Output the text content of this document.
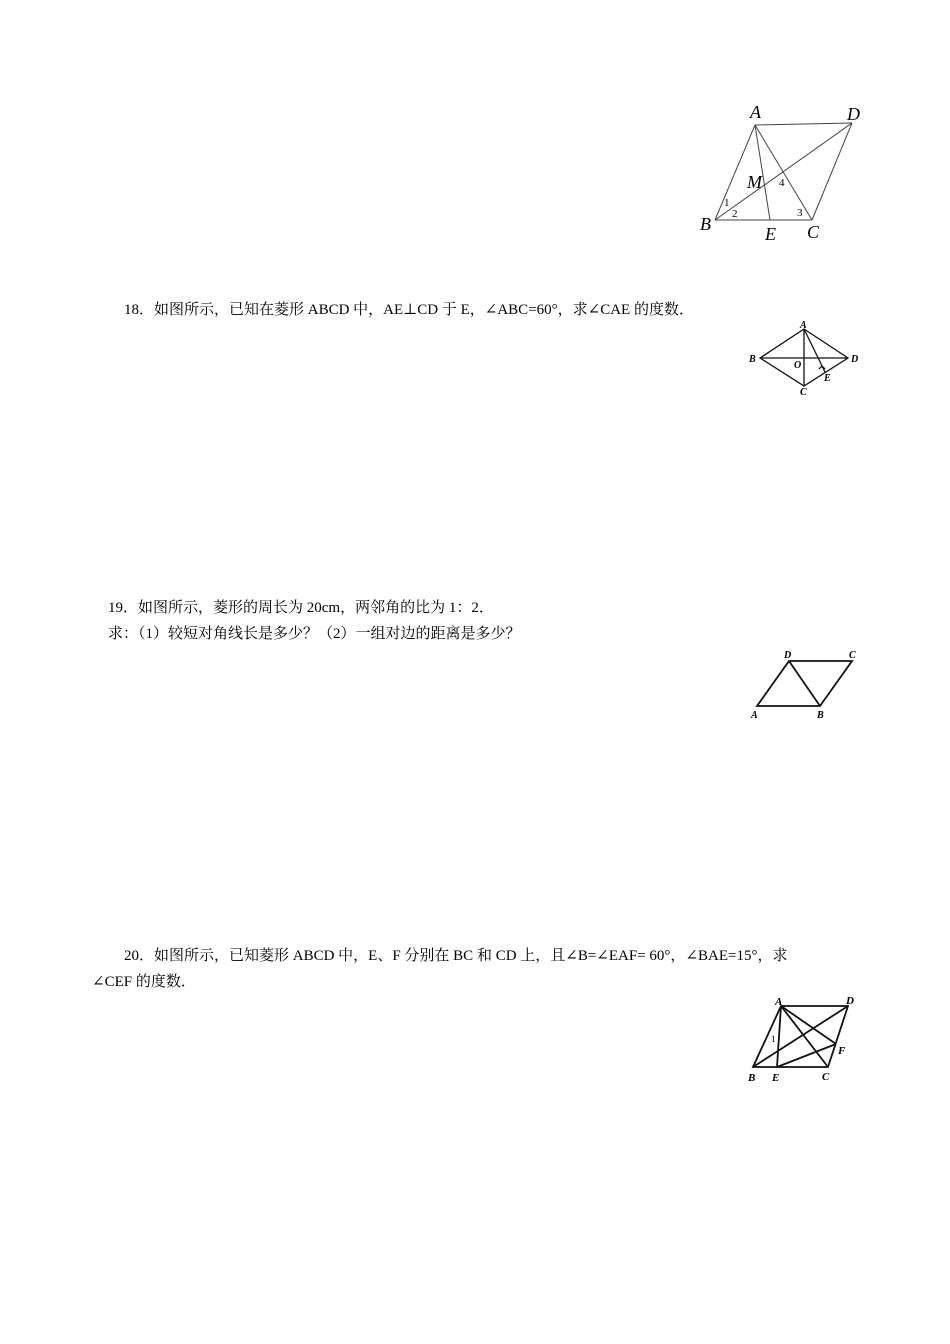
A	D
M
B	E C
1
2	3
4
18．如图所示，已知在菱形 ABCD 中，AE⊥CD 于 E，∠ABC=60°，求∠CAE 的度数．
A
B
O
D
E
C
19．如图所示，菱形的周长为 20cm，两邻角的比为 1：2．
求：（1）较短对角线长是多少？（2）一组对边的距离是多少？
D	C
A	B
20．如图所示，已知菱形 ABCD 中，E、F 分别在 BC 和 CD 上，且∠B=∠EAF= 60°，∠BAE=15°，求
∠CEF 的度数．
A	D
F
B E	C
1
